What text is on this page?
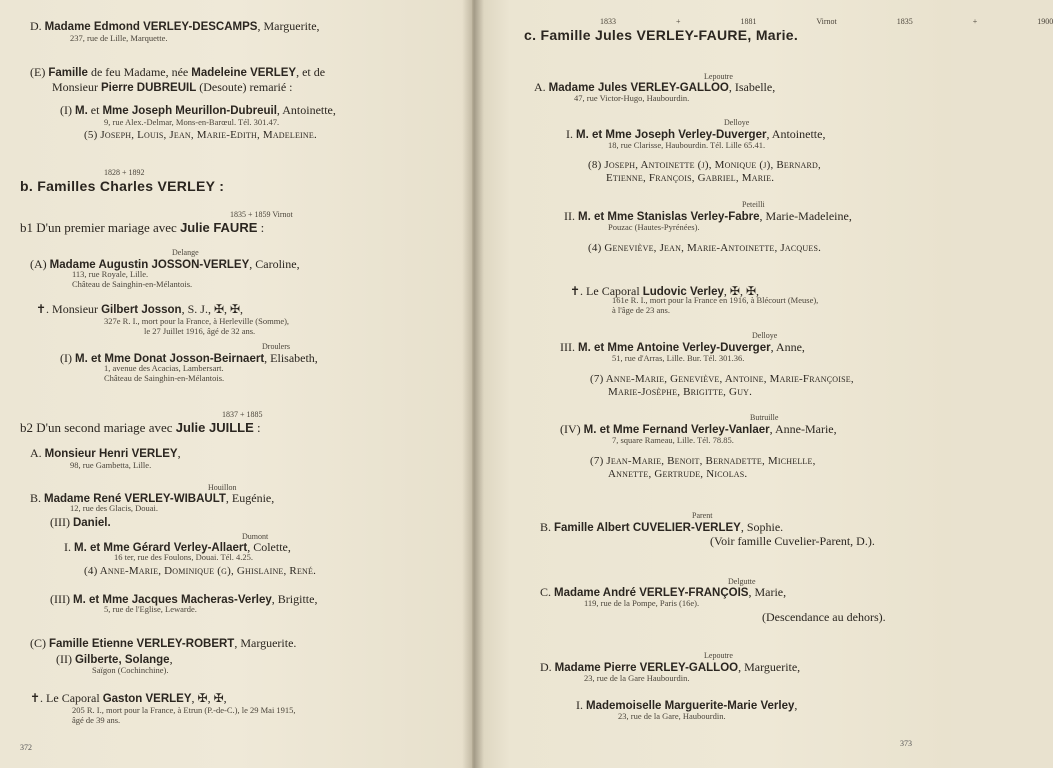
D. Madame Edmond VERLEY-DESCAMPS, Marguerite,
237, rue de Lille, Marquette.
(E) Famille de feu Madame, née Madeleine VERLEY, et de
Monsieur Pierre DUBREUIL (Desoute) remarié :
(I) M. et Mme Joseph Meurillon-Dubreuil, Antoinette,
9, rue Alex.-Delmar, Mons-en-Barœul. Tél. 301.47.
(5) Joseph, Louis, Jean, Marie-Edith, Madeleine.
1828 + 1892
b. Familles Charles VERLEY :
1835 + 1859 Virnot
b1 D'un premier mariage avec Julie FAURE :
Delange
(A) Madame Augustin JOSSON-VERLEY, Caroline,
113, rue Royale, Lille.
Château de Sainghin-en-Mélantois.
✝. Monsieur Gilbert Josson, S. J., ✠, ✠,
327e R. I., mort pour la France, à Herleville (Somme),
le 27 Juillet 1916, âgé de 32 ans.
Droulers
(I) M. et Mme Donat Josson-Beirnaert, Elisabeth,
1, avenue des Acacias, Lambersart.
Château de Sainghin-en-Mélantois.
1837 + 1885
b2 D'un second mariage avec Julie JUILLE :
A. Monsieur Henri VERLEY,
98, rue Gambetta, Lille.
Houillon
B. Madame René VERLEY-WIBAULT, Eugénie,
12, rue des Glacis, Douai.
(III) Daniel.
Dumont
I. M. et Mme Gérard Verley-Allaert, Colette,
16 ter, rue des Foulons, Douai. Tél. 4.25.
(4) Anne-Marie, Dominique (g), Ghislaine, René.
(III) M. et Mme Jacques Macheras-Verley, Brigitte,
5, rue de l'Eglise, Lewarde.
(C) Famille Etienne VERLEY-ROBERT, Marguerite.
(II) Gilberte, Solange,
Saïgon (Cochinchine).
✝. Le Caporal Gaston VERLEY, ✠, ✠,
205 R. I., mort pour la France, à Etrun (P.-de-C.), le 29 Mai 1915,
âgé de 39 ans.
372
1833 + 1881 Virnot 1835 + 1900
c. Famille Jules VERLEY-FAURE, Marie.
Lepoutre
A. Madame Jules VERLEY-GALLOO, Isabelle,
47, rue Victor-Hugo, Haubourdin.
Delloye
I. M. et Mme Joseph Verley-Duverger, Antoinette,
18, rue Clarisse, Haubourdin. Tél. Lille 65.41.
(8) Joseph, Antoinette (j), Monique (j), Bernard,
Etienne, François, Gabriel, Marie.
Peteilli
II. M. et Mme Stanislas Verley-Fabre, Marie-Madeleine,
Pouzac (Hautes-Pyrénées).
(4) Geneviève, Jean, Marie-Antoinette, Jacques.
✝. Le Caporal Ludovic Verley, ✠, ✠,
161e R. I., mort pour la France en 1916, à Blécourt (Meuse),
à l'âge de 23 ans.
Delloye
III. M. et Mme Antoine Verley-Duverger, Anne,
51, rue d'Arras, Lille. Bur. Tél. 301.36.
(7) Anne-Marie, Geneviève, Antoine, Marie-Françoise,
Marie-Josèphe, Brigitte, Guy.
Butruille
(IV) M. et Mme Fernand Verley-Vanlaer, Anne-Marie,
7, square Rameau, Lille. Tél. 78.85.
(7) Jean-Marie, Benoit, Bernadette, Michelle,
Annette, Gertrude, Nicolas.
Parent
B. Famille Albert CUVELIER-VERLEY, Sophie.
(Voir famille Cuvelier-Parent, D.).
Delgutte
C. Madame André VERLEY-FRANÇOIS, Marie,
119, rue de la Pompe, Paris (16e).
(Descendance au dehors).
Lepoutre
D. Madame Pierre VERLEY-GALLOO, Marguerite,
23, rue de la Gare Haubourdin.
I. Mademoiselle Marguerite-Marie Verley,
23, rue de la Gare, Haubourdin.
373
